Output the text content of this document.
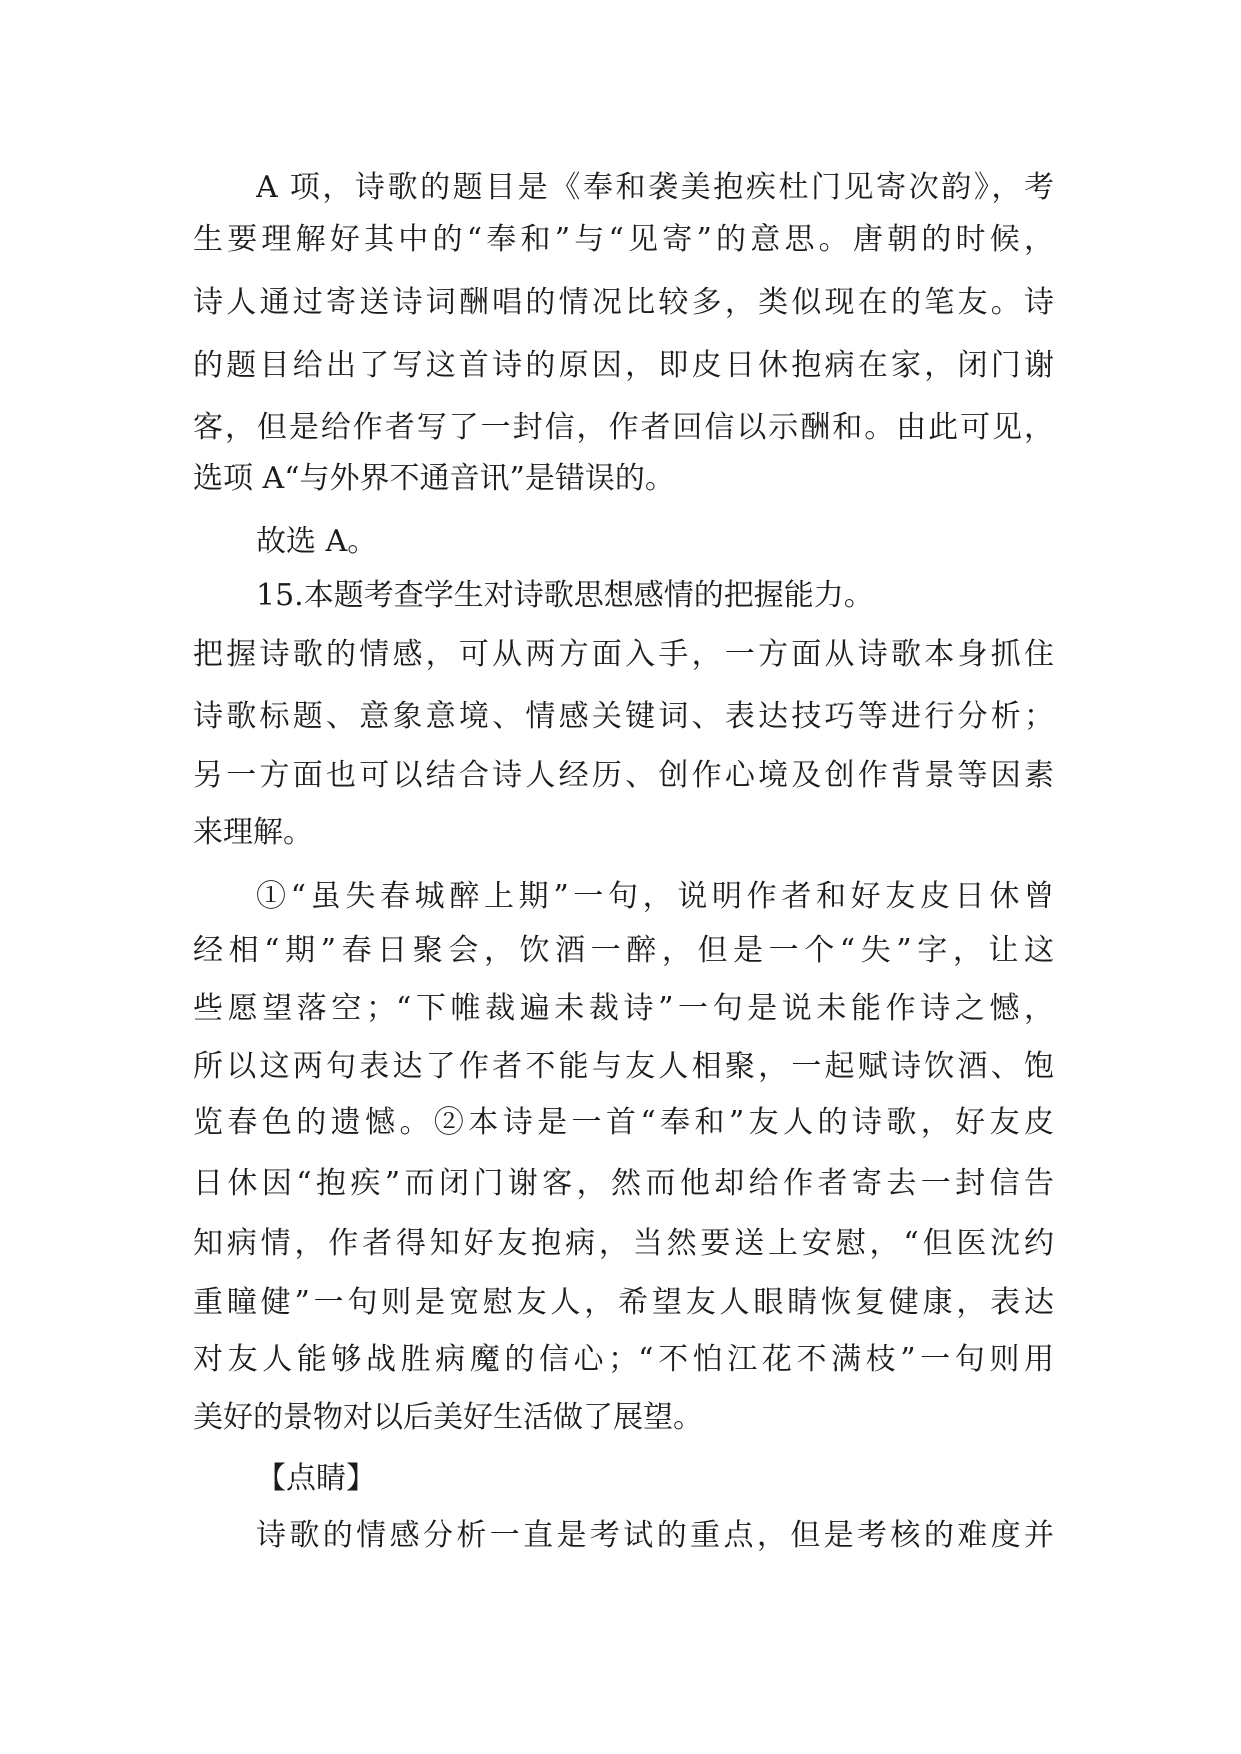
A 项，诗歌的题目是《奉和袭美抱疾杜门见寄次韵》，考
生要理解好其中的“奉和”与“见寄”的意思。唐朝的时候，
诗人通过寄送诗词酬唱的情况比较多，类似现在的笔友。诗
的题目给出了写这首诗的原因，即皮日休抱病在家，闭门谢
客，但是给作者写了一封信，作者回信以示酬和。由此可见，
选项 A“与外界不通音讯”是错误的。
故选 A。
15.本题考查学生对诗歌思想感情的把握能力。
把握诗歌的情感，可从两方面入手，一方面从诗歌本身抓住
诗歌标题、意象意境、情感关键词、表达技巧等进行分析；
另一方面也可以结合诗人经历、创作心境及创作背景等因素
来理解。
①“虽失春城醉上期”一句，说明作者和好友皮日休曾
经相“期”春日聚会，饮酒一醉，但是一个“失”字，让这
些愿望落空；“下帷裁遍未裁诗”一句是说未能作诗之憾，
所以这两句表达了作者不能与友人相聚，一起赋诗饮酒、饱
览春色的遗憾。②本诗是一首“奉和”友人的诗歌，好友皮
日休因“抱疾”而闭门谢客，然而他却给作者寄去一封信告
知病情，作者得知好友抱病，当然要送上安慰，“但医沈约
重瞳健”一句则是宽慰友人，希望友人眼睛恢复健康，表达
对友人能够战胜病魔的信心；“不怕江花不满枝”一句则用
美好的景物对以后美好生活做了展望。
【点睛】
诗歌的情感分析一直是考试的重点，但是考核的难度并
